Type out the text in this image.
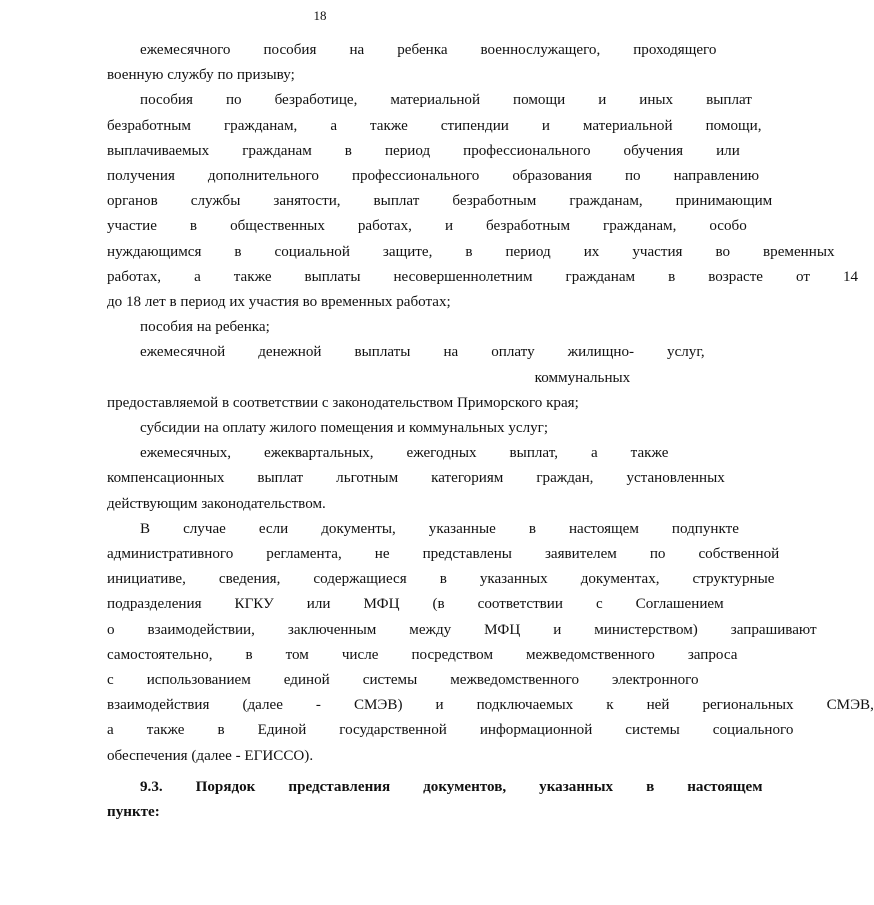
18
ежемесячного	пособия	на	ребенка	военнослужащего,	проходящего
военную службу по призыву;
пособия	по	безработице,	материальной	помощи	и	иных	выплат
безработным	гражданам,	а	также	стипендии	и	материальной	помощи,
выплачиваемых	гражданам	в	период	профессионального	обучения	или
получения	дополнительного	профессионального	образования	по	направлению
органов	службы	занятости,	выплат	безработным	гражданам,	принимающим
участие	в	общественных	работах,	и	безработным	гражданам,	особо
нуждающимся	в	социальной	защите,	в	период	их	участия	во	временных
работах,	а	также	выплаты	несовершеннолетним	гражданам	в	возрасте	от	14
до 18 лет в период их участия во временных работах;
пособия на ребенка;
ежемесячной	денежной	выплаты	на	оплату	жилищно-коммунальных
услуг,
предоставляемой в соответствии с законодательством Приморского края;
субсидии на оплату жилого помещения и коммунальных услуг;
ежемесячных,	ежеквартальных,	ежегодных	выплат,	а	также
компенсационных	выплат	льготным	категориям	граждан,	установленных
действующим законодательством.
В	случае	если	документы,	указанные	в	настоящем	подпункте
административного	регламента,	не	представлены	заявителем	по	собственной
инициативе,	сведения,	содержащиеся	в	указанных	документах,	структурные
подразделения	КГКУ	или	МФЦ	(в	соответствии	с	Соглашением
о	взаимодействии,	заключенным	между	МФЦ	и	министерством)	запрашивают
самостоятельно,	в	том	числе	посредством	межведомственного	запроса
с	использованием	единой	системы	межведомственного	электронного
взаимодействия	(далее	-	СМЭВ)	и	подключаемых	к	ней	региональных	СМЭВ,
а	также	в	Единой	государственной	информационной	системы	социального
обеспечения (далее - ЕГИССО).
9.3.	Порядок	представления	документов,	указанных	в	настоящем
пункте:
